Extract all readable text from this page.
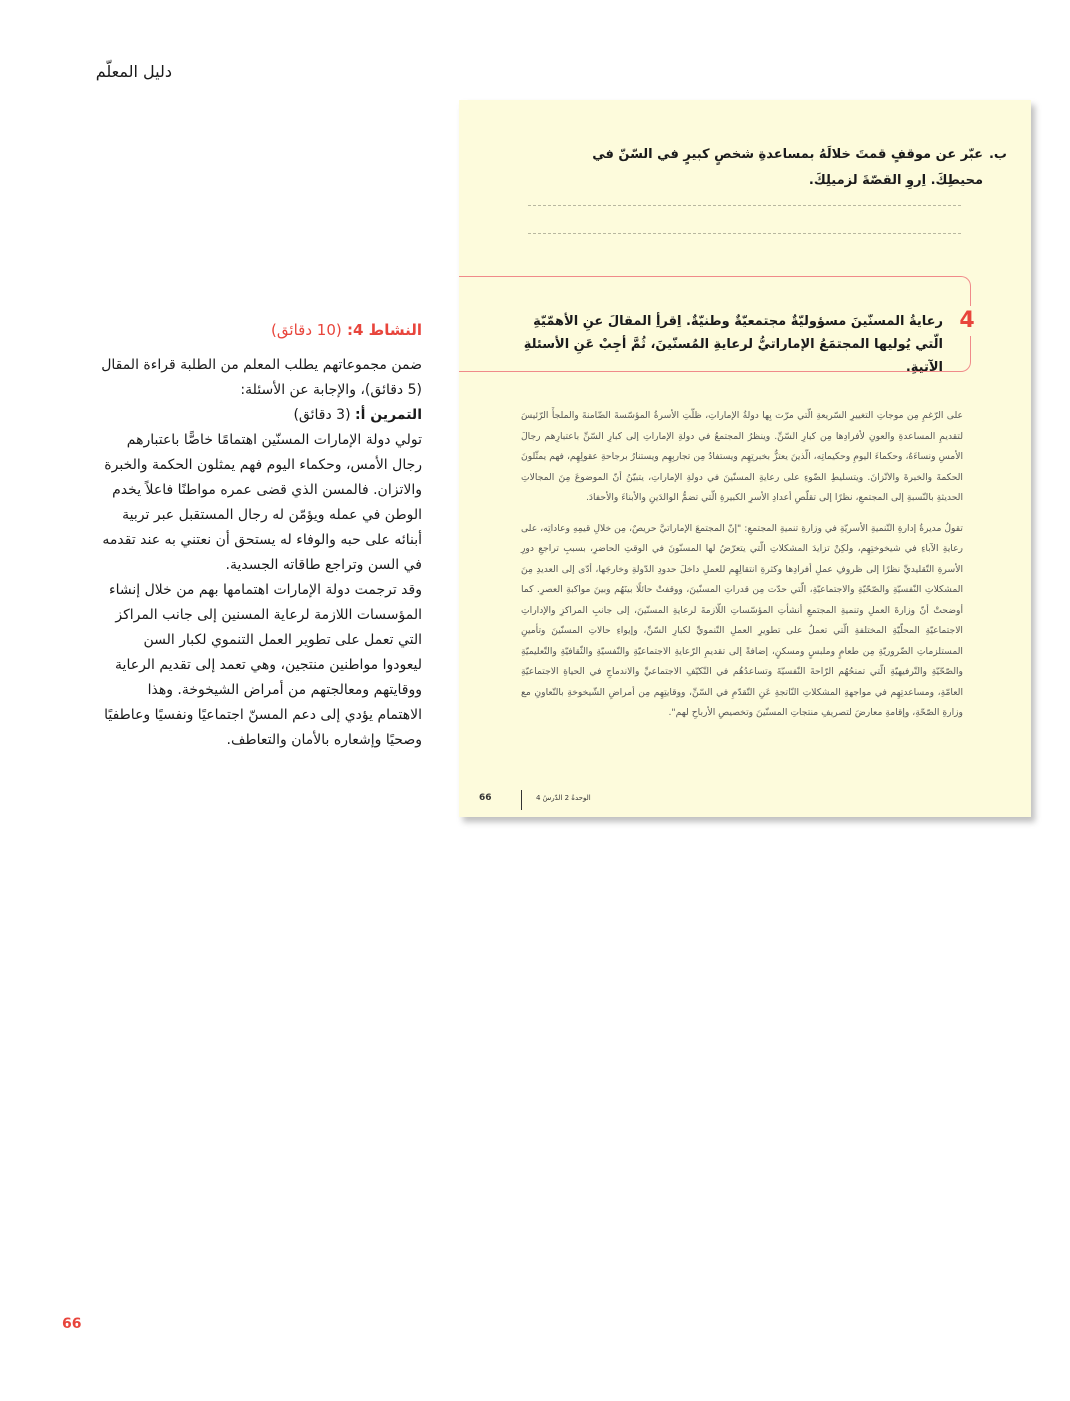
دليل المعلّم
النشاط 4: (10 دقائق)

ضمن مجموعاتهم يطلب المعلم من الطلبة قراءة المقال (5 دقائق)، والإجابة عن الأسئلة:

التمرين أ: (3 دقائق)

تولي دولة الإمارات المسنّين اهتمامًا خاصًّا باعتبارهم رجال الأمس، وحكماء اليوم فهم يمثلون الحكمة والخبرة والاتزان. فالمسن الذي قضى عمره مواطنًا فاعلاً يخدم الوطن في عمله ويؤمّن له رجال المستقبل عبر تربية أبنائه على حبه والوفاء له يستحق أن نعتني به عند تقدمه في السن وتراجع طاقاته الجسدية.

وقد ترجمت دولة الإمارات اهتمامها بهم من خلال إنشاء المؤسسات اللازمة لرعاية المسنين إلى جانب المراكز التي تعمل على تطوير العمل التنموي لكبار السن ليعودوا مواطنين منتجين، وهي تعمد إلى تقديم الرعاية ووقايتهم ومعالجتهم من أمراض الشيخوخة. وهذا الاهتمام يؤدي إلى دعم المسنّ اجتماعيًا ونفسيًا وعاطفيًا وصحيًا وإشعاره بالأمان والتعاطف.

ب.
عبّر عن موقفٍ قمتَ خلالَهُ بمساعدةِ شخصٍ كبيرٍ في السّنّ في محيطِكَ. اِروِ القصّةَ لزميلِكَ.
4
رعايةُ المسنّينَ مسؤوليّةٌ مجتمعيّةٌ وطنيّةٌ. اِقرأِ المقالَ عنِ الأهمّيّةِ الّتي يُوليها المجتمَعُ الإماراتيُّ لرعايةِ المُسنّينَ، ثُمَّ أجِبْ عَنِ الأسئلةِ الآتيةِ.

على الرّغمِ مِن موجاتِ التغييرِ السّريعةِ الّتي مرّت بِها دولةُ الإماراتِ، ظلّتِ الأسرةُ المؤسّسةَ الضّامنةَ والملجأَ الرّئيسَ لتقديمِ المساعدةِ والعونِ لأفرادِها مِن كبارِ السّنِّ. وينظرُ المجتمعُ في دولةِ الإماراتِ إلى كبارِ السّنِّ باعتبارِهم رجالَ الأمسِ ونساءَهُ، وحكماءَ اليومِ وحكيماتِه، الّذينَ يعتزُّ بخبرتِهِم ويستفادُ مِن تجاربِهِم ويستنارُ برجاحةِ عقولِهِم، فهم يمثّلونَ الحكمةَ والخبرةَ والاتّزانَ. ويتسليطِ الضّوءِ على رعايةِ المسنّينَ في دولةِ الإماراتِ، يتبيّنُ أنّ الموضوعَ مِنَ المجالاتِ الحديثةِ بالنّسبةِ إلى المجتمعِ، نظرًا إلى تقلّصِ أعدادِ الأسرِ الكبيرةِ الّتي تضمُّ الوالدَينِ والأبناءَ والأحفادَ.

تقولُ مديرةُ إدارةِ التّنميةِ الأسريّةِ في وزارةِ تنميةِ المجتمعِ: "إنّ المجتمعَ الإماراتيَّ حريصٌ، مِن خلالِ قيمِهِ وعاداتِه، على رعايةِ الآباءِ في شيخوختِهِم، ولكِنْ تزايدَ المشكلاتِ الّتي يتعرّضُ لها المسنّونَ في الوقتِ الحاضرِ، بسببِ تراجعِ دورِ الأسرةِ التّقليديِّ نظرًا إلى ظروفِ عملِ أفرادِها وكثرةِ انتقالِهِم للعملِ داخلَ حدودِ الدّولةِ وخارجَها، أدّى إلى العديدِ مِنَ المشكلاتِ النّفسيّةِ والصّحّيّةِ والاجتماعيّةِ، الّتي حدّت مِن قدراتِ المسنّينَ، ووقفتْ حائلًا بينَهُم وبينَ مواكبةِ العصرِ. كما أوضحتْ أنّ وزارةَ العملِ وتنميةِ المجتمعِ أنشأتِ المؤسّساتِ اللّازمةَ لرعايةِ المسنّينَ، إلى جانبِ المراكزِ والإداراتِ الاجتماعيّةِ المحلّيّةِ المختلفةِ الّتي تعملُ على تطويرِ العملِ التّنمويِّ لكبارِ السّنِّ، وإيواءِ حالاتِ المسنّينَ وتأمينِ المستلزماتِ الضّروريّةِ مِن طعامٍ وملبسٍ ومسكنٍ، إضافةً إلى تقديمِ الرّعايةِ الاجتماعيّةِ والنّفسيّةِ والثّقافيّةِ والتّعليميّةِ والصّحّيّةِ والتّرفيهيّةِ الّتي تمنحُهُم الرّاحةَ النّفسيّةَ وتساعدُهُم في التّكيّفِ الاجتماعيِّ والاندماجِ في الحياةِ الاجتماعيّةِ العامّةِ، ومساعدتِهِم في مواجهةِ المشكلاتِ النّاتجةِ عَنِ التّقدّمِ في السّنِّ، ووقايتِهِم مِن أمراضِ الشّيخوخةِ بالتّعاونِ مع وزارةِ الصّحّةِ، وإقامةِ معارضَ لتصريفِ منتجاتِ المسنّينَ وتخصيصِ الأرباحِ لهم".

66	الوحدةُ 2 الدّرسُ 4
66
